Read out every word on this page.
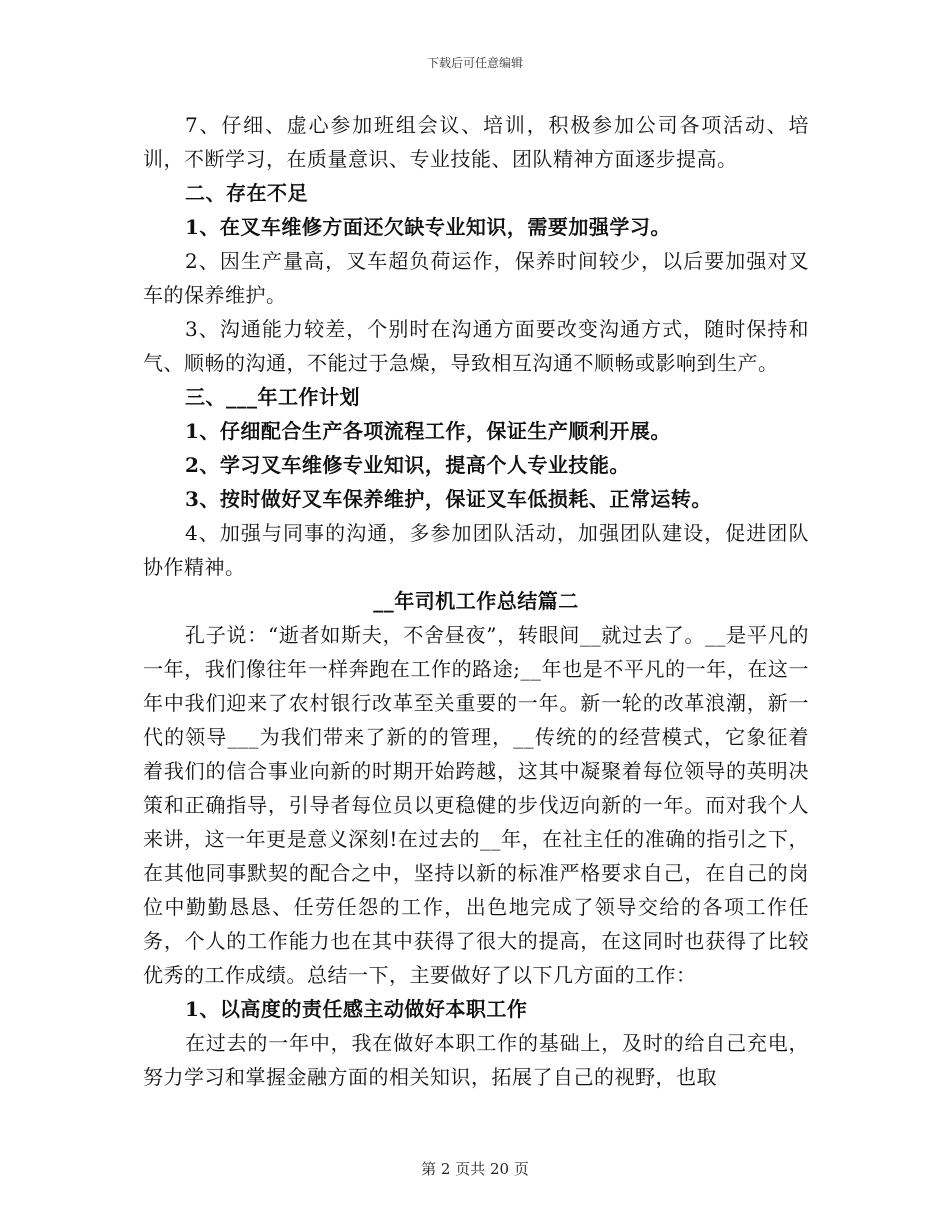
下载后可任意编辑

7、仔细、虚心参加班组会议、培训，积极参加公司各项活动、培训，不断学习，在质量意识、专业技能、团队精神方面逐步提高。

二、存在不足

1、在叉车维修方面还欠缺专业知识，需要加强学习。

2、因生产量高，叉车超负荷运作，保养时间较少，以后要加强对叉车的保养维护。

3、沟通能力较差，个别时在沟通方面要改变沟通方式，随时保持和气、顺畅的沟通，不能过于急燥，导致相互沟通不顺畅或影响到生产。

三、___年工作计划

1、仔细配合生产各项流程工作，保证生产顺利开展。

2、学习叉车维修专业知识，提高个人专业技能。

3、按时做好叉车保养维护，保证叉车低损耗、正常运转。

4、加强与同事的沟通，多参加团队活动，加强团队建设，促进团队协作精神。

__年司机工作总结篇二

孔子说：“逝者如斯夫，不舍昼夜”，转眼间__就过去了。__是平凡的一年，我们像往年一样奔跑在工作的路途;__年也是不平凡的一年，在这一年中我们迎来了农村银行改革至关重要的一年。新一轮的改革浪潮，新一代的领导___为我们带来了新的的管理，__传统的的经营模式，它象征着着我们的信合事业向新的时期开始跨越，这其中凝聚着每位领导的英明决策和正确指导，引导者每位员以更稳健的步伐迈向新的一年。而对我个人来讲，这一年更是意义深刻!在过去的__年，在社主任的准确的指引之下，在其他同事默契的配合之中，坚持以新的标准严格要求自己，在自己的岗位中勤勤恳恳、任劳任怨的工作，出色地完成了领导交给的各项工作任务，个人的工作能力也在其中获得了很大的提高，在这同时也获得了比较优秀的工作成绩。总结一下，主要做好了以下几方面的工作：

1、以高度的责任感主动做好本职工作

在过去的一年中，我在做好本职工作的基础上，及时的给自己充电，努力学习和掌握金融方面的相关知识，拓展了自己的视野，也取

第 2 页共 20 页
